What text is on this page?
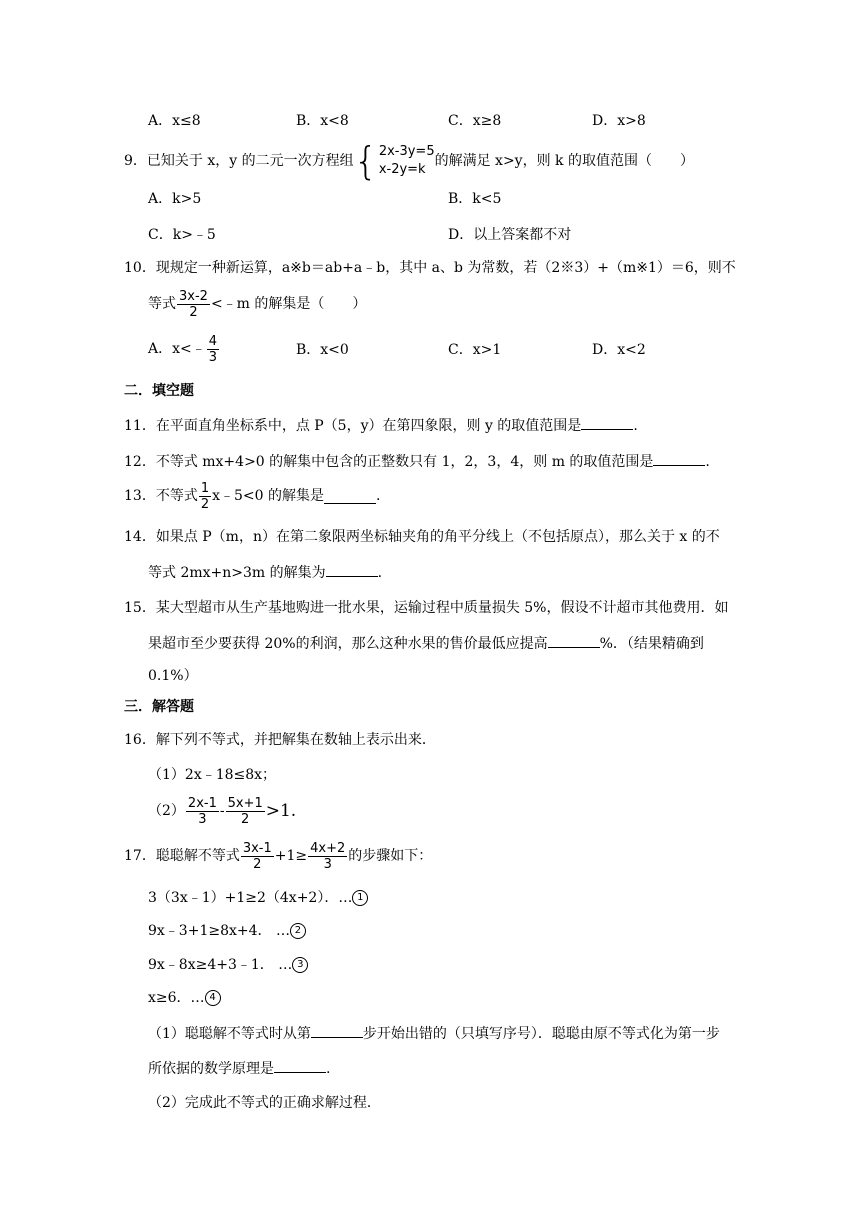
A．x≤8	B．x<8	C．x≥8	D．x>8
9．已知关于 x，y 的二元一次方程组 { 2x-3y=5
x-2y=k
的解满足 x>y，则 k 的取值范围（　　）
A．k>5	B．k<5
C．k>﹣5	D．以上答案都不对
10．现规定一种新运算，a※b＝ab+a﹣b，其中 a、b 为常数，若（2※3）+（m※1）＝6，则不
等式 $\frac{3x-2}{2}$ <﹣m 的解集是（　　）
A．x<﹣ $\frac{4}{3}$	B．x<0	C．x>1	D．x<2
二．填空题
11．在平面直角坐标系中，点 P（5，y）在第四象限，则 y 的取值范围是	.
12．不等式 mx+4>0 的解集中包含的正整数只有 1，2，3，4，则 m 的取值范围是	.
13．不等式 $\frac{1}{2}$ x﹣5<0 的解集是	.
14．如果点 P（m，n）在第二象限两坐标轴夹角的角平分线上（不包括原点），那么关于 x 的不
等式 2mx+n>3m 的解集为	.
15．某大型超市从生产基地购进一批水果，运输过程中质量损失 5%，假设不计超市其他费用．如
果超市至少要获得 20%的利润，那么这种水果的售价最低应提高	%．（结果精确到
0.1%）
三．解答题
16．解下列不等式，并把解集在数轴上表示出来．
（1）2x﹣18≤8x；
$(2) \frac{2x-1}{3} - \frac{5x+1}{2} >1$.
17．聪聪解不等式 $\frac{3x-1}{2} +1\ge \frac{4x+2}{3}$ 的步骤如下：
3（3x﹣1）+1≥2（4x+2）．… 1
9x﹣3+1≥8x+4． … 2
9x﹣8x≥4+3﹣1． … 3
x≥6．… 4
（1）聪聪解不等式时从第	步开始出错的（只填写序号）．聪聪由原不等式化为第一步
所依据的数学原理是	.
（2）完成此不等式的正确求解过程．
